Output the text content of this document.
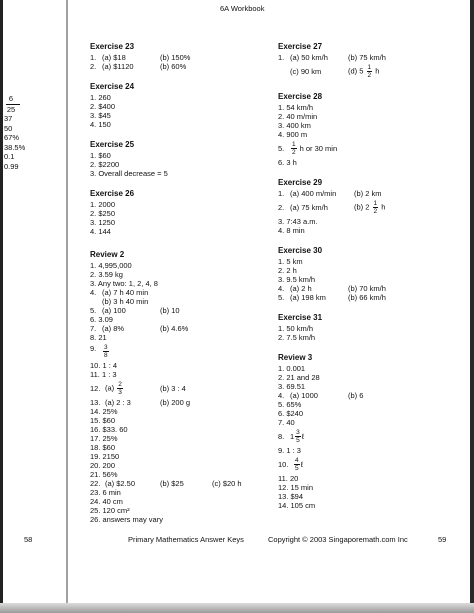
6A Workbook
6
25
37
50
67%
38.5%
0.1
0.99
Exercise 23
1. (a) $18	(b) 150%
2. (a) $1120	(b) 60%
Exercise 24
1. 260
2. $400
3. $45
4. 150
Exercise 25
1. $60
2. $2200
3. Overall decrease = 5
Exercise 26
1. 2000
2. $250
3. 1250
4. 144
Review 2
1. 4,995,000
2. 3.59 kg
3. Any two: 1, 2, 4, 8
4. (a) 7 h 40 min
(b) 3 h 40 min
5. (a) 100	(b) 10
6. 3.09
7. (a) 8%	(b) 4.6%
8. 21
9.	$\frac{3}{8}$
10. 1 : 4
11. 1 : 3
12. $(a) \frac{2}{3}$	(b) 3 : 4
13. (a) 2 : 3	(b) 200 g
14. 25%
15. $60
16. $33. 60
17. 25%
18. $60
19. 2150
20. 200
21. 56%
22. (a) $2.50	(b) $25	(c) $20 h
23. 6 min
24. 40 cm
25. 120 cm²
26. answers may vary
Exercise 27
1. (a) 50 km/h	(b) 75 km/h
(c) 90 km	(d) $5 \frac{1}{2}$ h
Exercise 28
1. 54 km/h
2. 40 m/min
3. 400 km
4. 900 m
5.	$\frac{1}{2}$ h or 30 min
6. 3 h
Exercise 29
1. (a) 400 m/min	(b) 2 km
2. (a) 75 km/h	(b) $2 \frac{1}{2}$ h
3. 7:43 a.m.
4. 8 min
Exercise 30
1. 5 km
2. 2 h
3. 9.5 km/h
4. (a) 2 h	(b) 70 km/h
5. (a) 198 km	(b) 66 km/h
Exercise 31
1. 50 km/h
2. 7.5 km/h
Review 3
1. 0.001
2. 21 and 28
3. 69.51
4. (a) 1000	(b) 6
5. 65%
6. $240
7. 40
8. $1 \frac{3}{5}$ ℓ
9. 1 : 3
10. $\frac{4}{5}$ ℓ
11. 20
12. 15 min
13. $94
14. 105 cm
58	Primary Mathematics Answer Keys	Copyright © 2003 Singaporemath.com Inc	59
